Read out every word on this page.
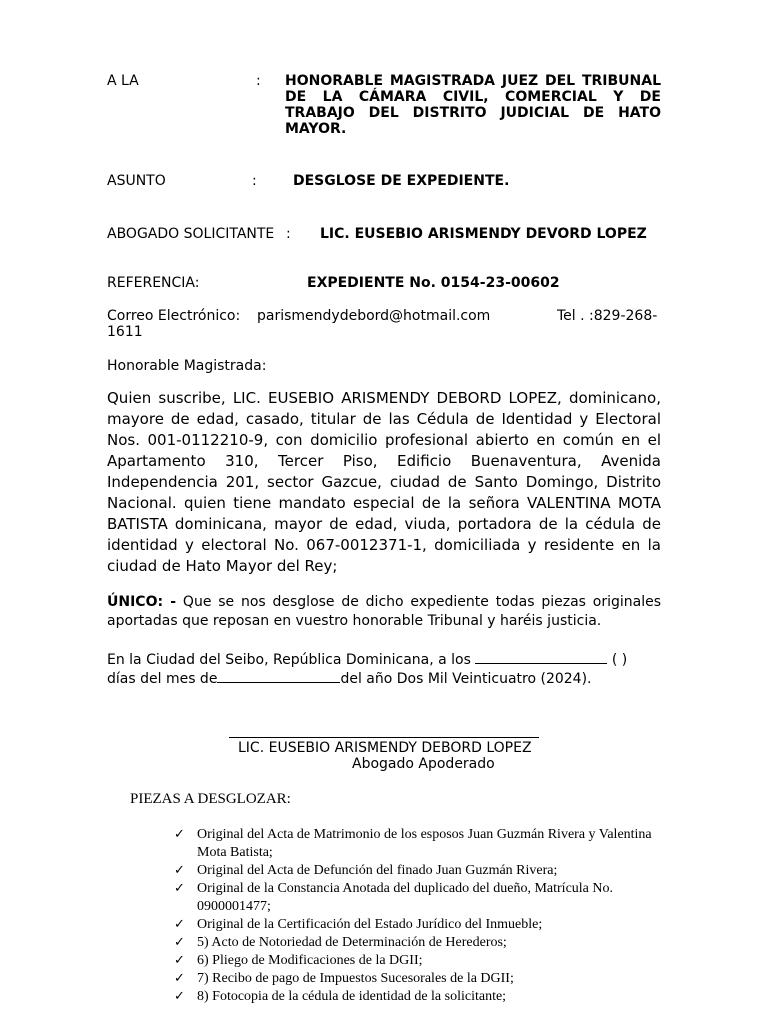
A LA	: HONORABLE MAGISTRADA JUEZ DEL TRIBUNAL
DE LA CÁMARA CIVIL, COMERCIAL Y DE
TRABAJO DEL DISTRITO JUDICIAL DE HATO
MAYOR.
ASUNTO	:	DESGLOSE DE EXPEDIENTE.
ABOGADO SOLICITANTE : LIC. EUSEBIO ARISMENDY DEVORD LOPEZ
REFERENCIA:	EXPEDIENTE No. 0154-23-00602
Correo Electrónico: parismendydebord@hotmail.com	Tel . :829-268-
1611
Honorable Magistrada:
Quien suscribe, LIC. EUSEBIO ARISMENDY DEBORD LOPEZ, dominicano, mayore de edad, casado, titular de las Cédula de Identidad y Electoral Nos. 001-0112210-9, con domicilio profesional abierto en común en el Apartamento 310, Tercer Piso, Edificio Buenaventura, Avenida Independencia 201, sector Gazcue, ciudad de Santo Domingo, Distrito Nacional. quien tiene mandato especial de la señora VALENTINA MOTA BATISTA dominicana, mayor de edad, viuda, portadora de la cédula de identidad y electoral No. 067-0012371-1, domiciliada y residente en la ciudad de Hato Mayor del Rey;
ÚNICO: - Que se nos desglose de dicho expediente todas piezas originales aportadas que reposan en vuestro honorable Tribunal y haréis justicia.
En la Ciudad del Seibo, República Dominicana, a los	( )
días del mes de	del año Dos Mil Veinticuatro (2024).
LIC. EUSEBIO ARISMENDY DEBORD LOPEZ
Abogado Apoderado
PIEZAS A DESGLOZAR:
✓ Original del Acta de Matrimonio de los esposos Juan Guzmán Rivera y Valentina Mota Batista;
✓ Original del Acta de Defunción del finado Juan Guzmán Rivera;
✓ Original de la Constancia Anotada del duplicado del dueño, Matrícula No. 0900001477;
✓ Original de la Certificación del Estado Jurídico del Inmueble;
✓ 5) Acto de Notoriedad de Determinación de Herederos;
✓ 6) Pliego de Modificaciones de la DGII;
✓ 7) Recibo de pago de Impuestos Sucesorales de la DGII;
✓ 8) Fotocopia de la cédula de identidad de la solicitante;
